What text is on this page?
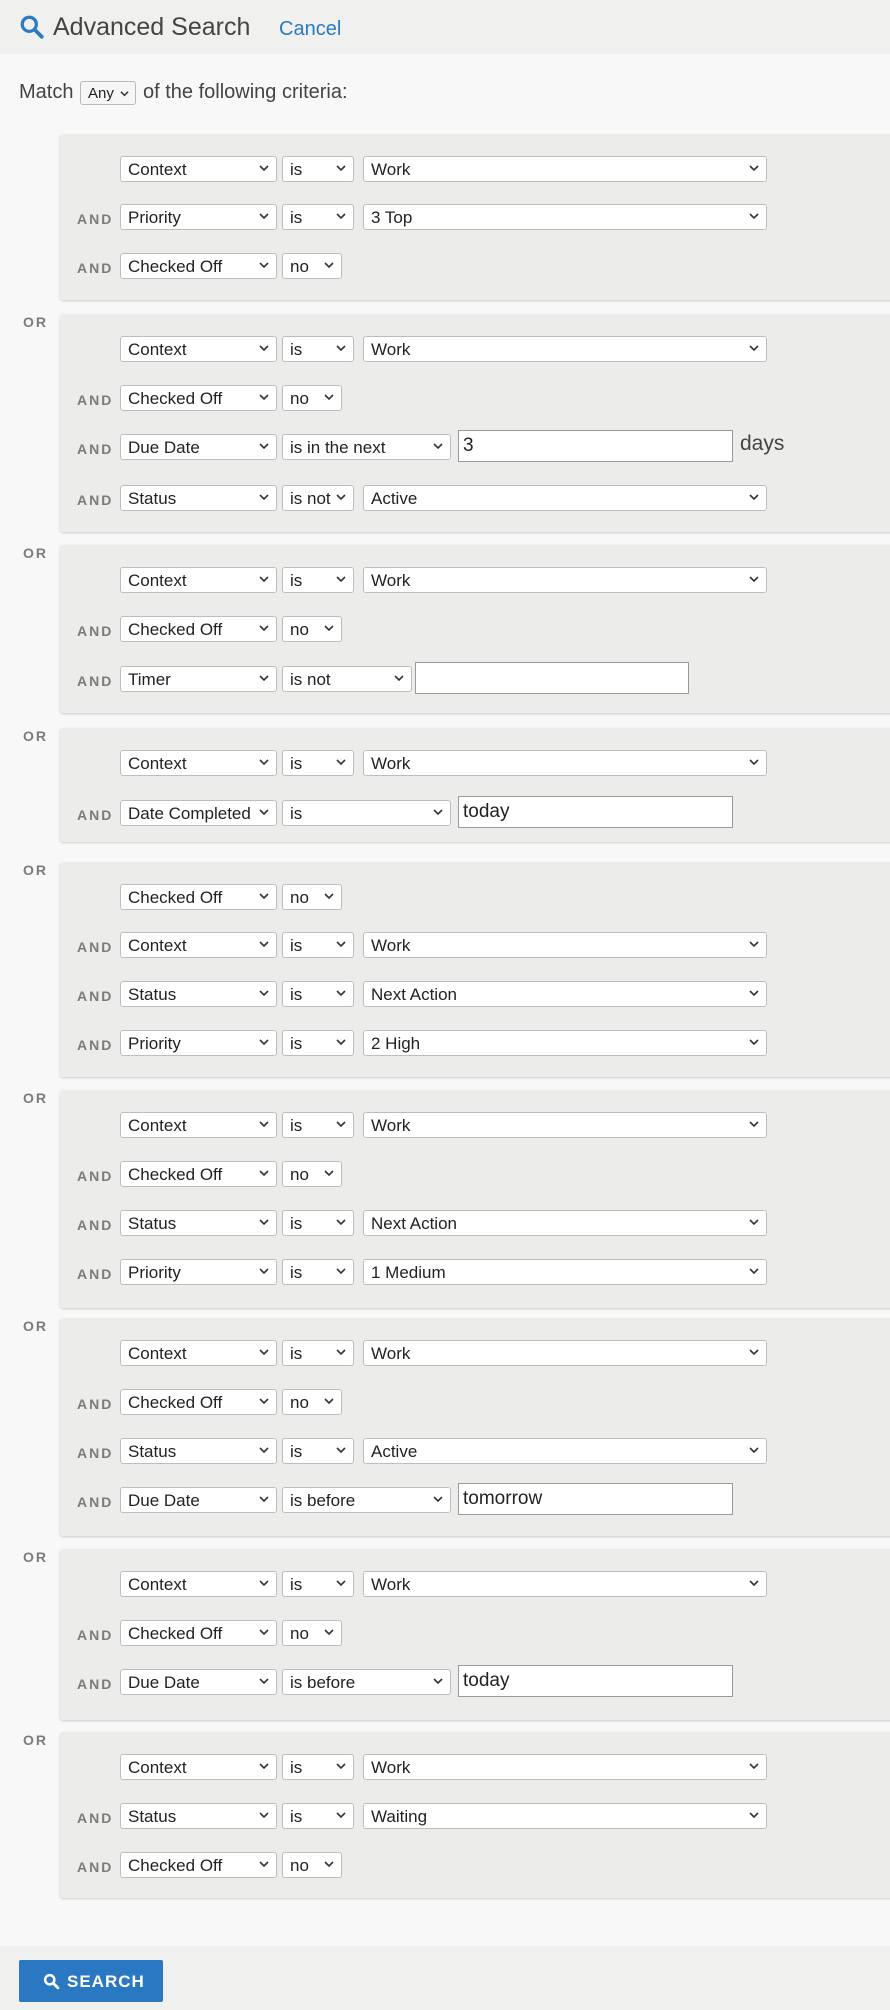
Advanced Search Cancel
Match Any	of the following criteria:
Context	is	Work
AND Priority	is	3 Top
AND Checked Off	no
OR
Context	is	Work
AND Checked Off	no
AND Due Date	is in the next	3	days
AND Status	is not	Active
OR
Context	is	Work
AND Checked Off	no
AND Timer	is not
OR
Context	is	Work
AND Date Completed	is	today
OR
Checked Off	no
AND Context	is	Work
AND Status	is	Next Action
AND Priority	is	2 High
OR
Context	is	Work
AND Checked Off	no
AND Status	is	Next Action
AND Priority	is	1 Medium
OR
Context	is	Work
AND Checked Off	no
AND Status	is	Active
AND Due Date	is before	tomorrow
OR
Context	is	Work
AND Checked Off	no
AND Due Date	is before	today
OR
Context	is	Work
AND Status	is	Waiting
AND Checked Off	no
SEARCH
